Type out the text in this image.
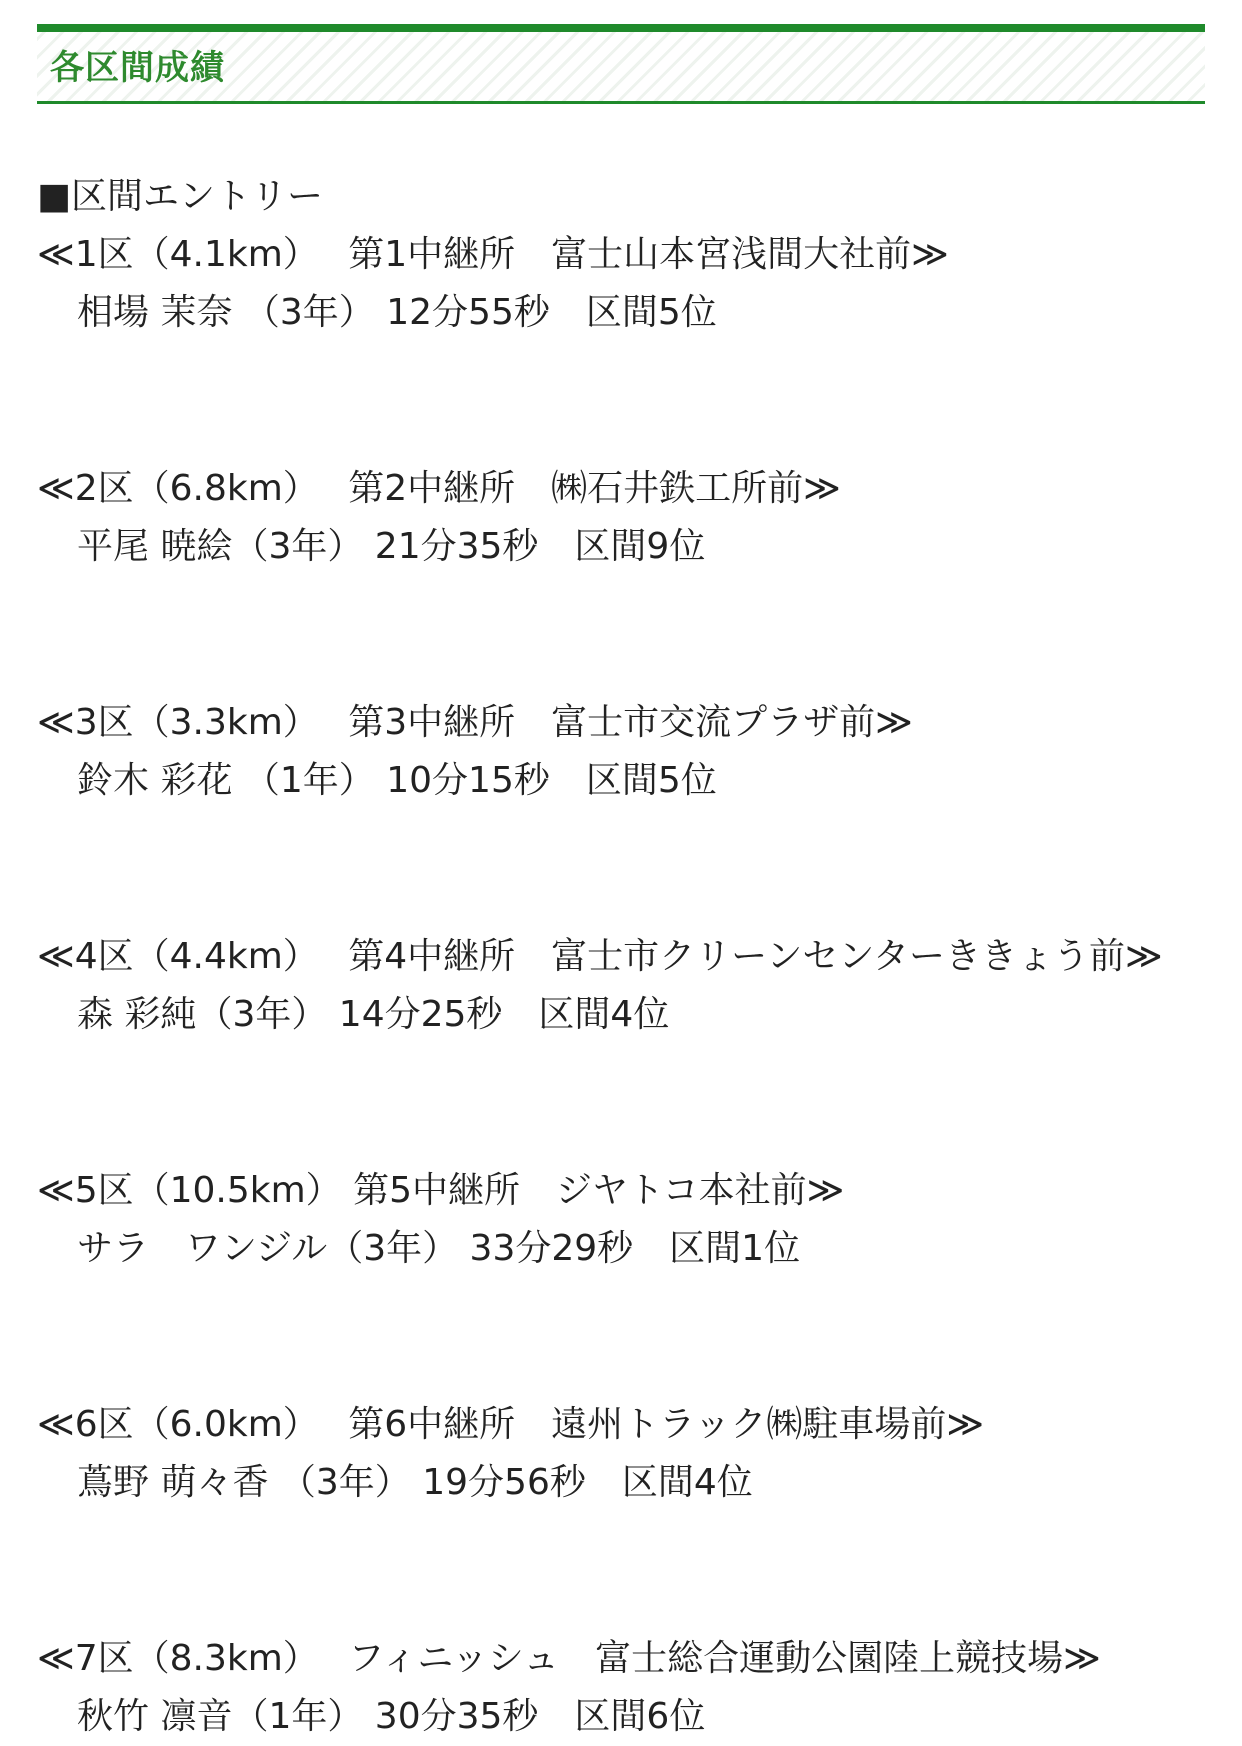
各区間成績
■区間エントリー
≪1区（4.1km）　 第1中継所　富士山本宮浅間大社前≫
相場 茉奈 （3年） 12分55秒　区間5位
≪2区（6.8km）　 第2中継所　㈱石井鉄工所前≫
平尾 暁絵（3年） 21分35秒　区間9位
≪3区（3.3km）　 第3中継所　富士市交流プラザ前≫
鈴木 彩花 （1年） 10分15秒　区間5位
≪4区（4.4km）　 第4中継所　富士市クリーンセンターききょう前≫
森 彩純（3年） 14分25秒　区間4位
≪5区（10.5km） 第5中継所　ジヤトコ本社前≫
サラ　ワンジル（3年） 33分29秒　区間1位
≪6区（6.0km）　 第6中継所　遠州トラック㈱駐車場前≫
蔦野 萌々香 （3年） 19分56秒　区間4位
≪7区（8.3km）　 フィニッシュ　富士総合運動公園陸上競技場≫
秋竹 凛音（1年） 30分35秒　区間6位
